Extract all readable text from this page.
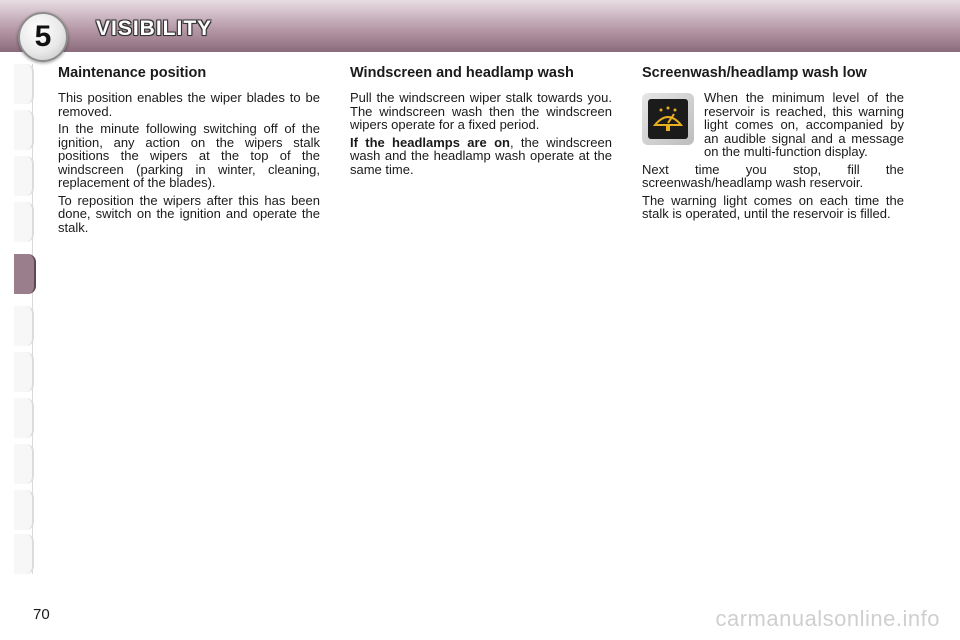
5	VISIBILITY
Maintenance position

This position enables the wiper blades to be removed.

In the minute following switching off of the ignition, any action on the wipers stalk positions the wipers at the top of the windscreen (parking in winter, cleaning, replacement of the blades).

To reposition the wipers after this has been done, switch on the ignition and operate the stalk.

Windscreen and headlamp wash

Pull the windscreen wiper stalk towards you. The windscreen wash then the windscreen wipers operate for a fixed period.

If the headlamps are on, the windscreen wash and the headlamp wash operate at the same time.

Screenwash/headlamp wash low

When the minimum level of the reservoir is reached, this warning light comes on, accompanied by an audible signal and a message on the multi-function display.

Next time you stop, fill the screenwash/headlamp wash reservoir.

The warning light comes on each time the stalk is operated, until the reservoir is filled.

70	carmanualsonline.info
